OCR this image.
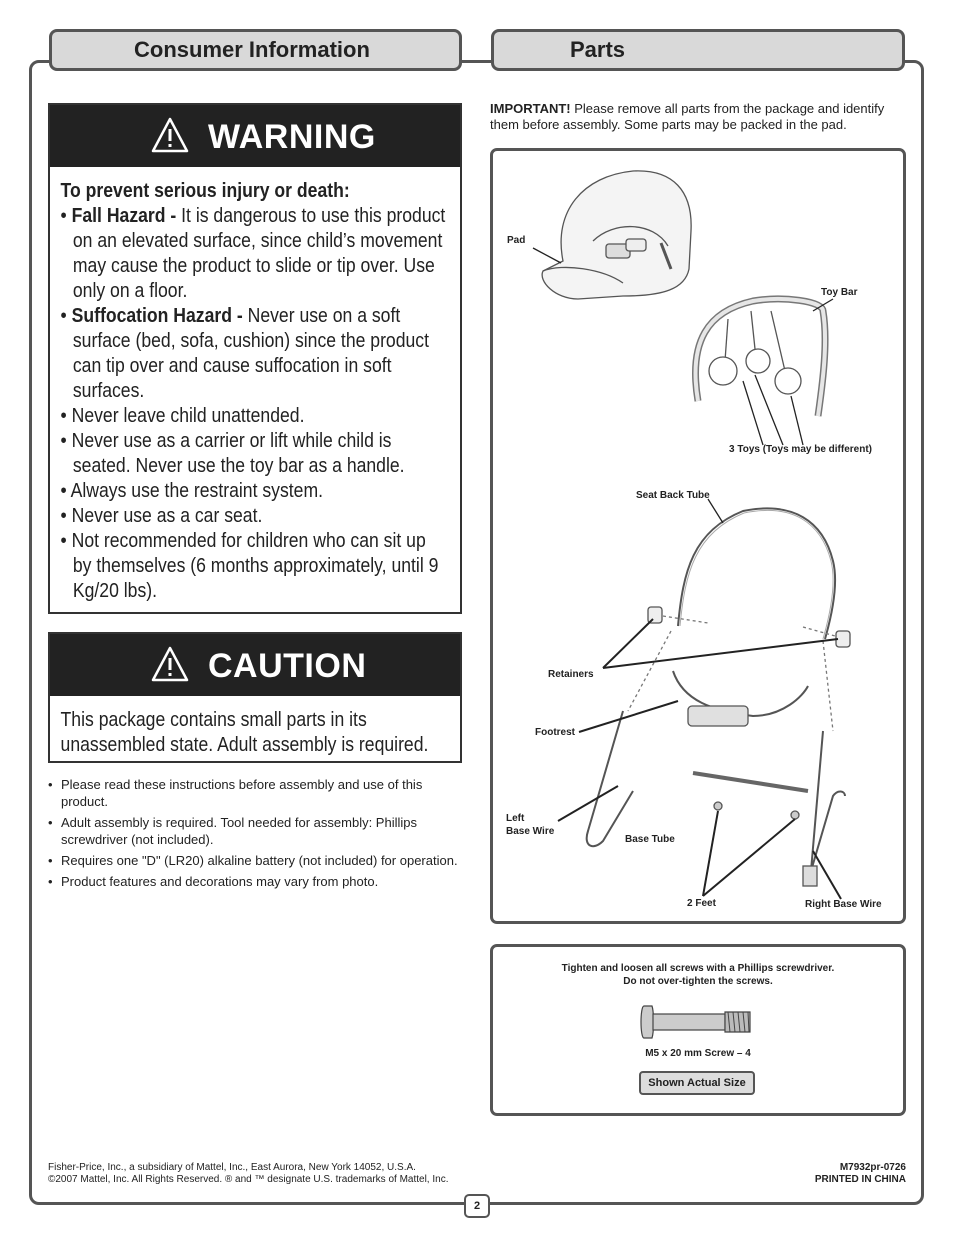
Consumer Information	Parts
WARNING
To prevent serious injury or death:
• Fall Hazard - It is dangerous to use this product on an elevated surface, since child’s movement may cause the product to slide or tip over. Use only on a floor.
• Suffocation Hazard - Never use on a soft surface (bed, sofa, cushion) since the product can tip over and cause suffocation in soft surfaces.
• Never leave child unattended.
• Never use as a carrier or lift while child is seated. Never use the toy bar as a handle.
• Always use the restraint system.
• Never use as a car seat.
• Not recommended for children who can sit up by themselves (6 months approximately, until 9 Kg/20 lbs).
CAUTION
This package contains small parts in its unassembled state. Adult assembly is required.
• Please read these instructions before assembly and use of this product.
• Adult assembly is required. Tool needed for assembly: Phillips screwdriver (not included).
• Requires one "D" (LR20) alkaline battery (not included) for operation.
• Product features and decorations may vary from photo.
IMPORTANT! Please remove all parts from the package and identify them before assembly. Some parts may be packed in the pad.
Pad
Toy Bar
3 Toys (Toys may be different)
Seat Back Tube
Retainers
Footrest
Left
Base Wire
Base Tube
2 Feet	Right Base Wire
Tighten and loosen all screws with a Phillips screwdriver.
Do not over-tighten the screws.
M5 x 20 mm Screw – 4
Shown Actual Size
Fisher-Price, Inc., a subsidiary of Mattel, Inc., East Aurora, New York 14052, U.S.A.
©2007 Mattel, Inc. All Rights Reserved. ® and ™ designate U.S. trademarks of Mattel, Inc.
M7932pr-0726
PRINTED IN CHINA
2
